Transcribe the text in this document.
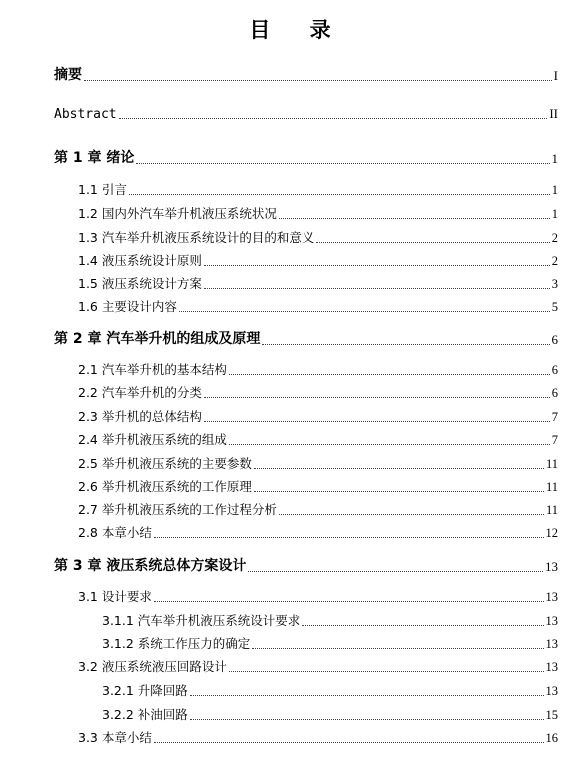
目 录
摘要	I
Abstract	II
第 1 章 绪论	1
1.1 引言	1
1.2 国内外汽车举升机液压系统状况	1
1.3 汽车举升机液压系统设计的目的和意义	2
1.4 液压系统设计原则	2
1.5 液压系统设计方案	3
1.6 主要设计内容	5
第 2 章 汽车举升机的组成及原理	6
2.1 汽车举升机的基本结构	6
2.2 汽车举升机的分类	6
2.3 举升机的总体结构	7
2.4 举升机液压系统的组成	7
2.5 举升机液压系统的主要参数	11
2.6 举升机液压系统的工作原理	11
2.7 举升机液压系统的工作过程分析	11
2.8 本章小结	12
第 3 章 液压系统总体方案设计	13
3.1 设计要求	13
3.1.1 汽车举升机液压系统设计要求	13
3.1.2 系统工作压力的确定	13
3.2 液压系统液压回路设计	13
3.2.1 升降回路	13
3.2.2 补油回路	15
3.3 本章小结	16
